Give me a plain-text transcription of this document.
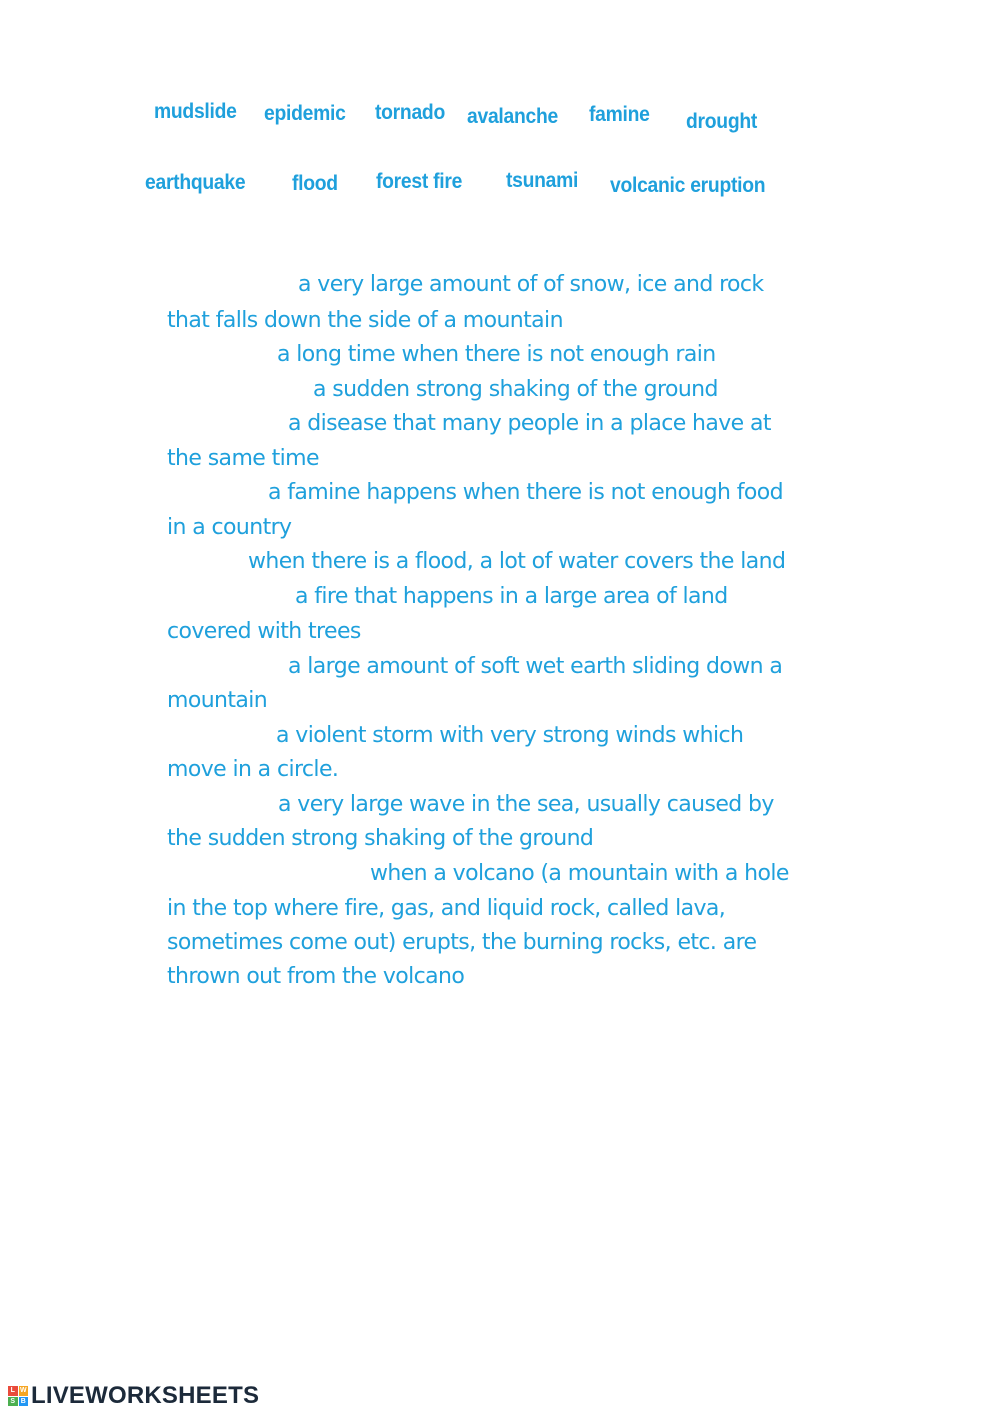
mudslide epidemic tornado avalanche famine drought
earthquake flood forest fire tsunami volcanic eruption
a very large amount of of snow, ice and rock
that falls down the side of a mountain
a long time when there is not enough rain
a sudden strong shaking of the ground
a disease that many people in a place have at
the same time
a famine happens when there is not enough food
in a country
when there is a flood, a lot of water covers the land
a fire that happens in a large area of land
covered with trees
a large amount of soft wet earth sliding down a
mountain
a violent storm with very strong winds which
move in a circle.
a very large wave in the sea, usually caused by
the sudden strong shaking of the ground
when a volcano (a mountain with a hole
in the top where fire, gas, and liquid rock, called lava,
sometimes come out) erupts, the burning rocks, etc. are
thrown out from the volcano
L W
S B LIVEWORKSHEETS
